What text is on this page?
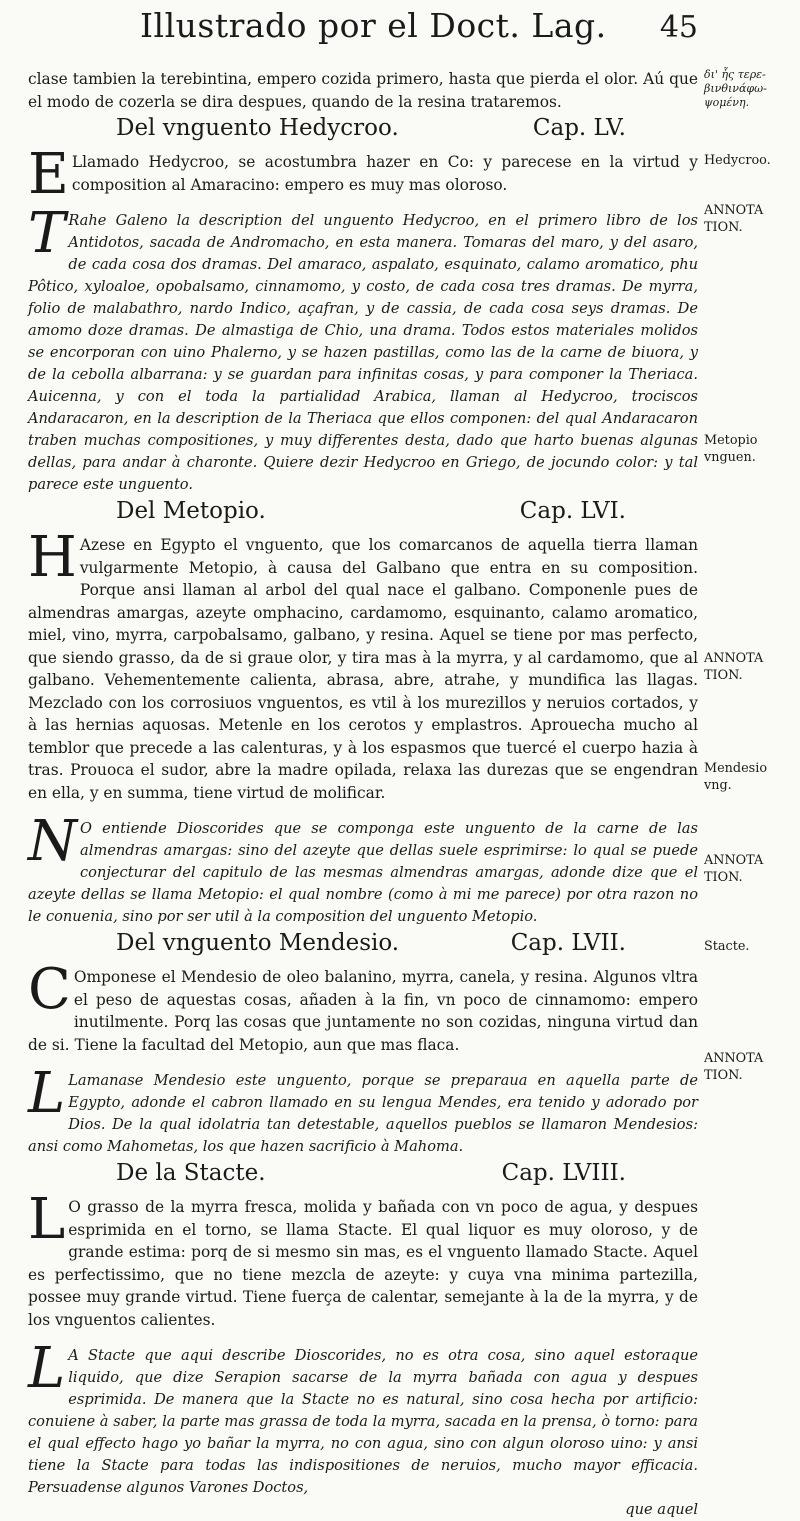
Illustrado por el Doct. Lag. 45

clase tambien la terebintina, empero cozida primero, hasta que pierda el olor. Aú que el modo de cozerla se dira despues, quando de la resina trataremos.

Del vnguento Hedycroo.	Cap. LV.

E Llamado Hedycroo, se acostumbra hazer en Co: y parecese en la virtud y composition al Amaracino: empero es muy mas oloroso.

T Rahe Galeno la description del unguento Hedycroo, en el primero libro de los Antidotos, sacada de Andromacho, en esta manera. Tomaras del maro, y del asaro, de cada cosa dos dramas. Del amaraco, aspalato, esquinato, calamo aromatico, phu Pôtico, xyloaloe, opobalsamo, cinnamomo, y costo, de cada cosa tres dramas. De myrra, folio de malabathro, nardo Indico, açafran, y de cassia, de cada cosa seys dramas. De amomo doze dramas. De almastiga de Chio, una drama. Todos estos materiales molidos se encorporan con uino Phalerno, y se hazen pastillas, como las de la carne de biuora, y de la cebolla albarrana: y se guardan para infinitas cosas, y para componer la Theriaca. Auicenna, y con el toda la partialidad Arabica, llaman al Hedycroo, trociscos Andaracaron, en la description de la Theriaca que ellos componen: del qual Andaracaron traben muchas compositiones, y muy differentes desta, dado que harto buenas algunas dellas, para andar à charonte. Quiere dezir Hedycroo en Griego, de jocundo color: y tal parece este unguento.

Del Metopio.	Cap. LVI.

H Azese en Egypto el vnguento, que los comarcanos de aquella tierra llaman vulgarmente Metopio, à causa del Galbano que entra en su composition. Porque ansi llaman al arbol del qual nace el galbano. Componenle pues de almendras amargas, azeyte omphacino, cardamomo, esquinanto, calamo aromatico, miel, vino, myrra, carpobalsamo, galbano, y resina. Aquel se tiene por mas perfecto, que siendo grasso, da de si graue olor, y tira mas à la myrra, y al cardamomo, que al galbano. Vehementemente calienta, abrasa, abre, atrahe, y mundifica las llagas. Mezclado con los corrosiuos vnguentos, es vtil à los murezillos y neruios cortados, y à las hernias aquosas. Metenle en los cerotos y emplastros. Aprouecha mucho al temblor que precede a las calenturas, y à los espasmos que tuercé el cuerpo hazia à tras. Prouoca el sudor, abre la madre opilada, relaxa las durezas que se engendran en ella, y en summa, tiene virtud de molificar.

N O entiende Dioscorides que se componga este unguento de la carne de las almendras amargas: sino del azeyte que dellas suele esprimirse: lo qual se puede conjecturar del capitulo de las mesmas almendras amargas, adonde dize que el azeyte dellas se llama Metopio: el qual nombre (como à mi me parece) por otra razon no le conuenia, sino por ser util à la composition del unguento Metopio.

Del vnguento Mendesio.	Cap. LVII.

C Omponese el Mendesio de oleo balanino, myrra, canela, y resina. Algunos vltra el peso de aquestas cosas, añaden à la fin, vn poco de cinnamomo: empero inutilmente. Porq las cosas que juntamente no son cozidas, ninguna virtud dan de si. Tiene la facultad del Metopio, aun que mas flaca.

L Lamanase Mendesio este unguento, porque se preparaua en aquella parte de Egypto, adonde el cabron llamado en su lengua Mendes, era tenido y adorado por Dios. De la qual idolatria tan detestable, aquellos pueblos se llamaron Mendesios: ansi como Mahometas, los que hazen sacrificio à Mahoma.

De la Stacte.	Cap. LVIII.

L O grasso de la myrra fresca, molida y bañada con vn poco de agua, y despues esprimida en el torno, se llama Stacte. El qual liquor es muy oloroso, y de grande estima: porq de si mesmo sin mas, es el vnguento llamado Stacte. Aquel es perfectissimo, que no tiene mezcla de azeyte: y cuya vna minima partezilla, possee muy grande virtud. Tiene fuerça de calentar, semejante à la de la myrra, y de los vnguentos calientes.

L A Stacte que aqui describe Dioscorides, no es otra cosa, sino aquel estoraque liquido, que dize Serapion sacarse de la myrra bañada con agua y despues esprimida. De manera que la Stacte no es natural, sino cosa hecha por artificio: conuiene à saber, la parte mas grassa de toda la myrra, sacada en la prensa, ò torno: para el qual effecto hago yo bañar la myrra, no con agua, sino con algun oloroso uino: y ansi tiene la Stacte para todas las indispositiones de neruios, mucho mayor efficacia. Persuadense algunos Varones Doctos,

que aquel

δι' ἧς τερε-
βινθινάφω-
ψομένη.
Hedycroo.
ANNOTA
TION.
Metopio
vnguen.
ANNOTA
TION.
Mendesio
vng.
ANNOTA
TION.
Stacte.
ANNOTA
TION.
